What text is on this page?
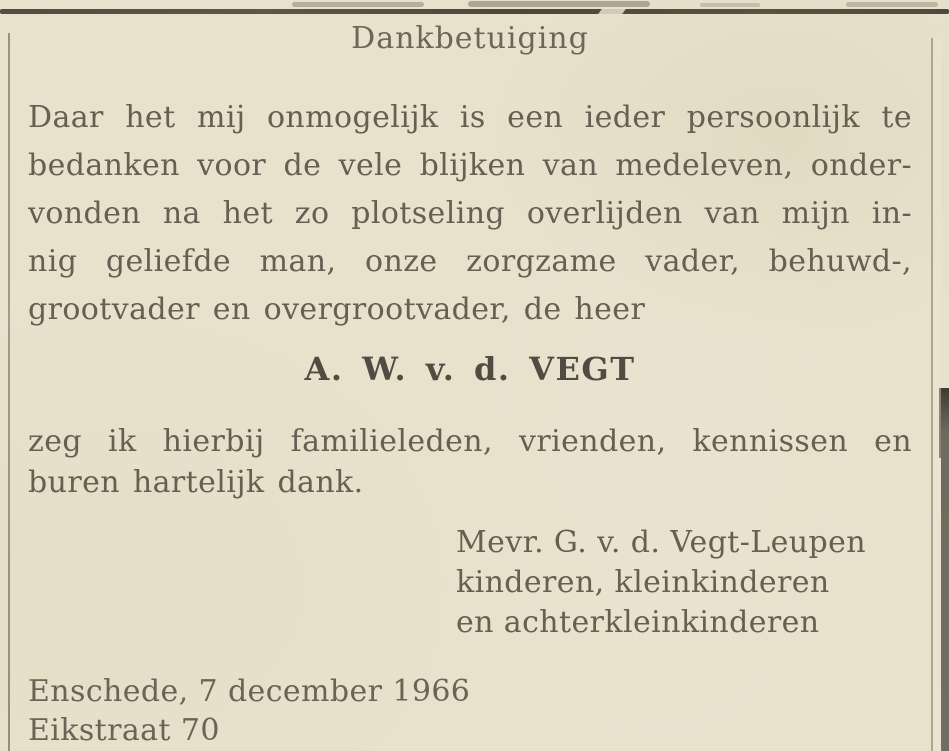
Dankbetuiging
Daar het mij onmogelijk is een ieder persoonlijk te
bedanken voor de vele blijken van medeleven, onder-
vonden na het zo plotseling overlijden van mijn in-
nig geliefde man, onze zorgzame vader, behuwd-,
grootvader en overgrootvader, de heer
A. W. v. d. VEGT
zeg ik hierbij familieleden, vrienden, kennissen en
buren hartelijk dank.
Mevr. G. v. d. Vegt-Leupen
kinderen, kleinkinderen
en achterkleinkinderen
Enschede, 7 december 1966
Eikstraat 70
